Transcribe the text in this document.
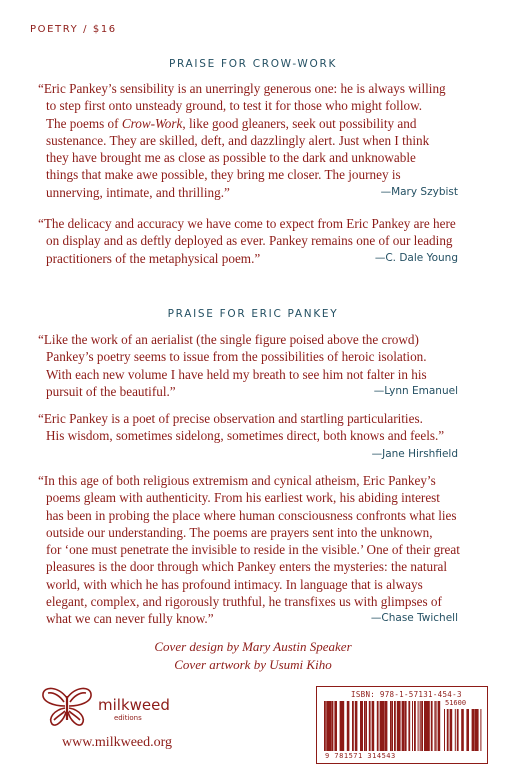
POETRY / $16
PRAISE FOR CROW-WORK

“Eric Pankey’s sensibility is an unerringly generous one: he is always willing

to step first onto unsteady ground, to test it for those who might follow.

The poems of Crow-Work, like good gleaners, seek out possibility and

sustenance. They are skilled, deft, and dazzlingly alert. Just when I think

they have brought me as close as possible to the dark and unknowable

things that make awe possible, they bring me closer. The journey is

unnerving, intimate, and thrilling.”	—Mary Szybist

“The delicacy and accuracy we have come to expect from Eric Pankey are here

on display and as deftly deployed as ever. Pankey remains one of our leading

practitioners of the metaphysical poem.”	—C. Dale Young

PRAISE FOR ERIC PANKEY

“Like the work of an aerialist (the single figure poised above the crowd)

Pankey’s poetry seems to issue from the possibilities of heroic isolation.

With each new volume I have held my breath to see him not falter in his

pursuit of the beautiful.”	—Lynn Emanuel

“Eric Pankey is a poet of precise observation and startling particularities.

His wisdom, sometimes sidelong, sometimes direct, both knows and feels.”

—Jane Hirshfield

“In this age of both religious extremism and cynical atheism, Eric Pankey’s

poems gleam with authenticity. From his earliest work, his abiding interest

has been in probing the place where human consciousness confronts what lies

outside our understanding. The poems are prayers sent into the unknown,

for ‘one must penetrate the invisible to reside in the visible.’ One of their great

pleasures is the door through which Pankey enters the mysteries: the natural

world, with which he has profound intimacy. In language that is always

elegant, complex, and rigorously truthful, he transfixes us with glimpses of

what we can never fully know.”	—Chase Twichell

Cover design by Mary Austin Speaker
Cover artwork by Usumi Kiho
milkweed
editions
www.milkweed.org
ISBN: 978-1-57131-454-3
51600
9 781571 314543
